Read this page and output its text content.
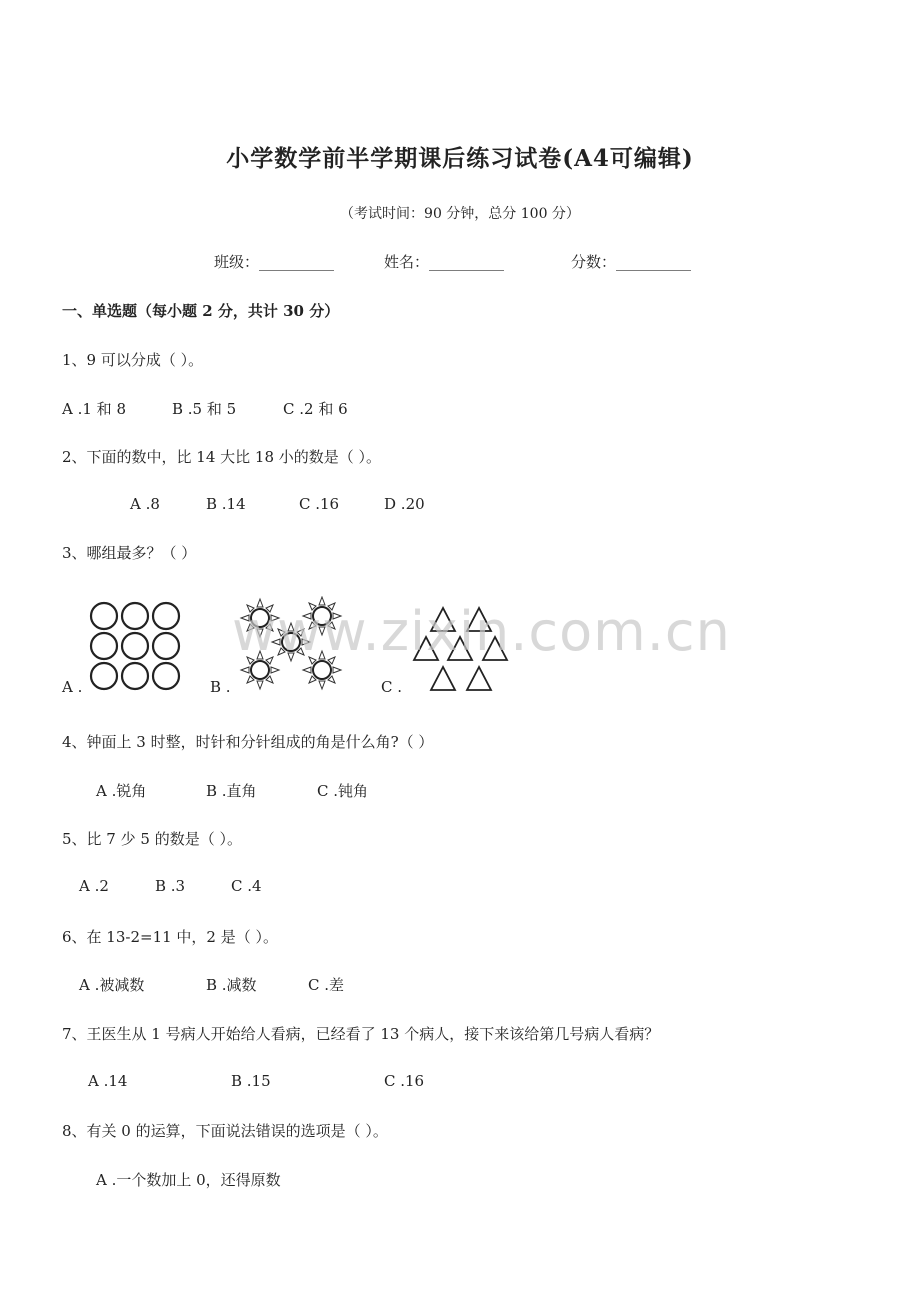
小学数学前半学期课后练习试卷(A4可编辑)
（考试时间：90 分钟，总分 100 分）
班级：__________	姓名：__________	分数：__________
一、单选题（每小题 2 分，共计 30 分）
1、9 可以分成（ ）。
A .1 和 8	B .5 和 5	C .2 和 6
2、下面的数中，比 14 大比 18 小的数是（ ）。
A .8	B .14	C .16	D .20
3、哪组最多？（ ）
A .	B .	C .
www.zixin.com.cn
4、钟面上 3 时整，时针和分针组成的角是什么角?（ ）
A .锐角	B .直角	C .钝角
5、比 7 少 5 的数是（ ）。
A .2	B .3	C .4
6、在 13-2=11 中，2 是（ ）。
A .被减数	B .减数	C .差
7、王医生从 1 号病人开始给人看病，已经看了 13 个病人，接下来该给第几号病人看病？
A .14	B .15	C .16
8、有关 0 的运算，下面说法错误的选项是（ ）。
A .一个数加上 0，还得原数
